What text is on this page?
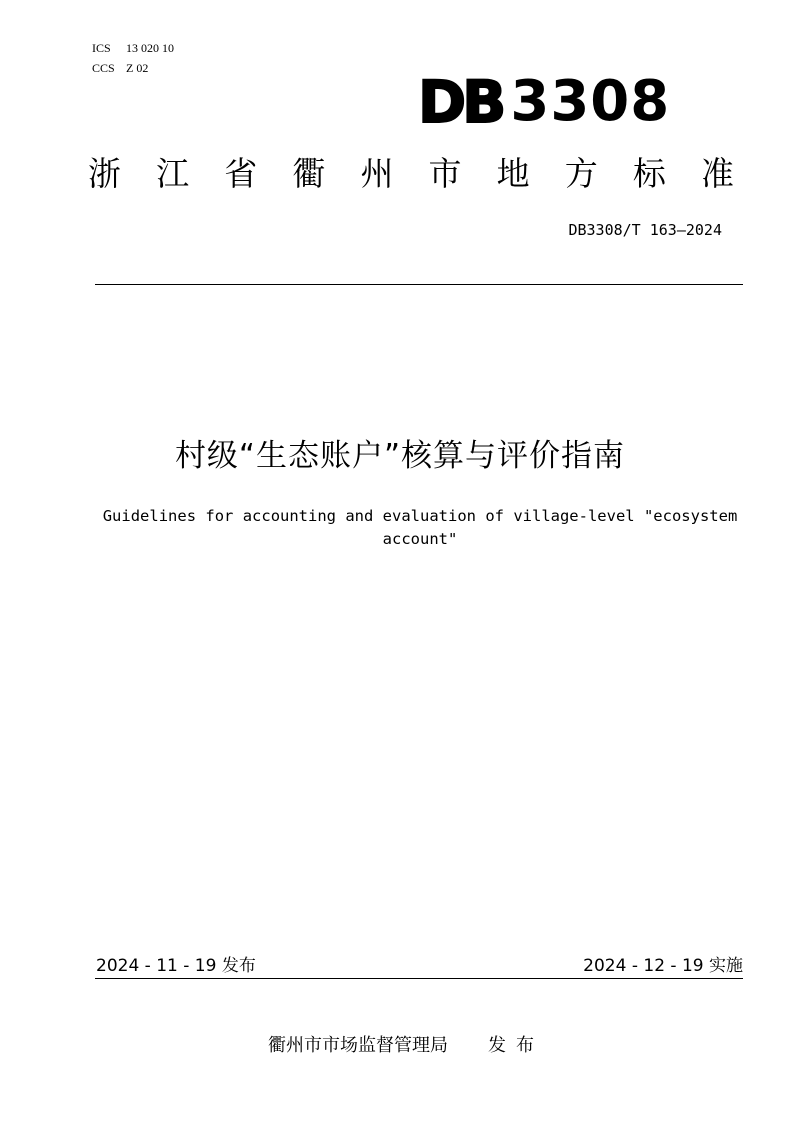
ICS	13 020 10
CCS Z 02	DB 3308
浙 江 省 衢 州 市 地 方 标 准
DB3308/T 163—2024
村级“生态账户”核算与评价指南
Guidelines for accounting and evaluation of village-level "ecosystem account"
2024 - 11 - 19 发布	2024 - 12 - 19 实施
衢州市市场监督管理局 发布
